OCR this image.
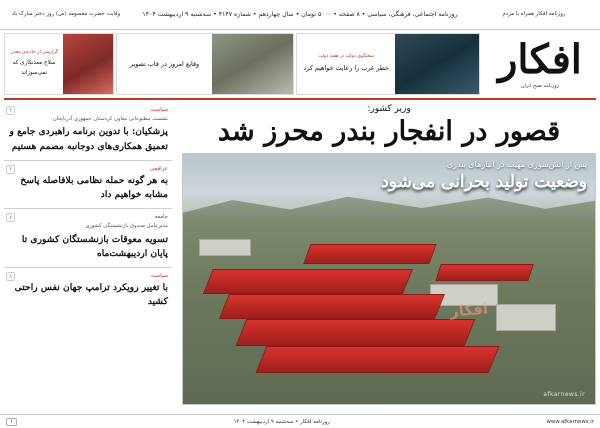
روزنامه افکار همراه با مردم
روزنامه اجتماعی، فرهنگی، سیاسی • ۸ صفحه • ۵۰۰۰ تومان • سال چهاردهم • شماره ۴۱۴۷ • سه‌شنبه ۹ اردیبهشت ۱۴۰۴
وقایت حضرت معصومه (س) روز دختر مبارک باد
افکار
روزنامه صبح ایران
سخنگوی دولت در هفته دولت
خطر غرب را رعایت خواهیم کرد
وقایع امروز در قاب تصویر
گزارشی از حادثه‌ی معدن
سلاح معدنکاری که نمی‌سوزاند
وزیر کشور:
قصور در انفجار بندر محرز شد
افکار
پس از آتش‌سوزی مهیب در انبارهای بندری
وضعیت تولید بحرانی می‌شود
afkarnews.ir
۲	سیاست
نشست مطبوعاتی معاون کردستان جمهوری آذربایجان
پزشکیان: با تدوین برنامه راهبردی جامع و تعمیق همکاری‌های دوجانبه مصمم هستیم
۳	عراقچی
به هر گونه حمله نظامی بلافاصله پاسخ مشابه خواهیم داد
۷	جامعه
مدیرعامل صندوق بازنشستگی کشوری
تسویه معوقات بازنشستگان کشوری تا پایان اردیبهشت‌ماه
۸	سیاست
با تغییر رویکرد ترامپ جهان نفس راحتی کشید
www.afkarnews.ir
روزنامه افکار • سه‌شنبه ۹ اردیبهشت ۱۴۰۴
۱
